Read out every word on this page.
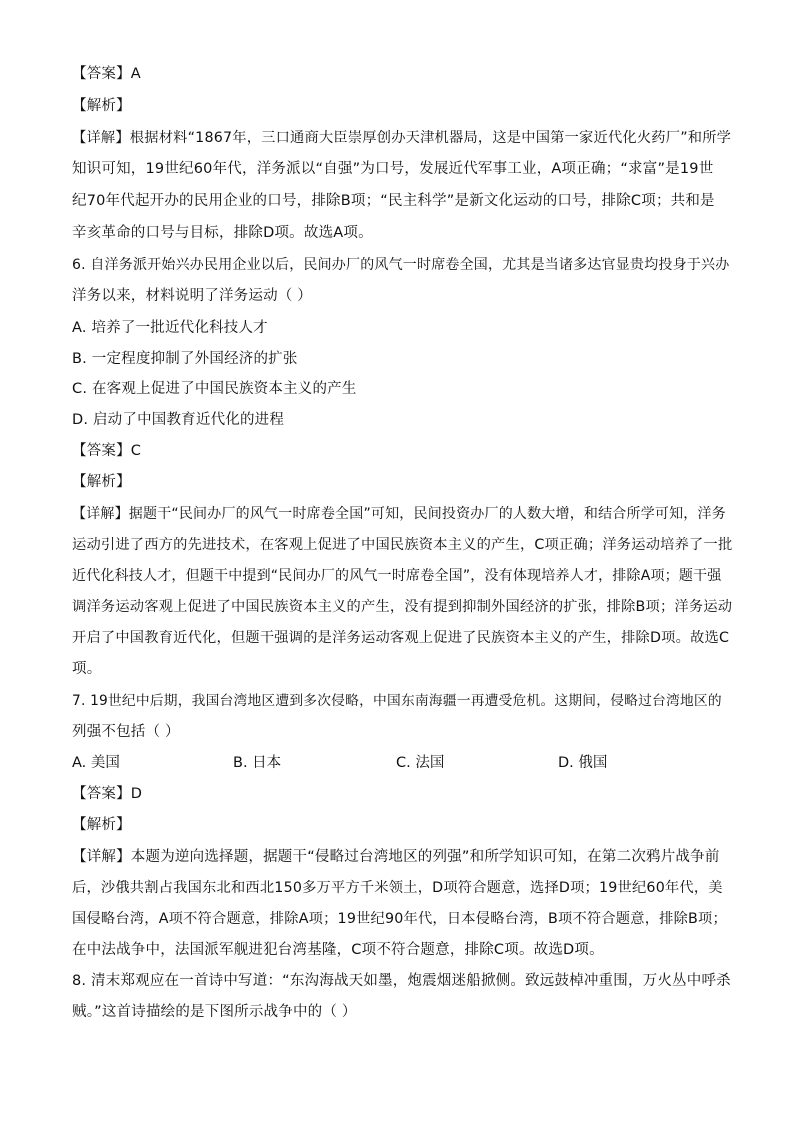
【答案】A
【解析】
【详解】根据材料“1867年，三口通商大臣崇厚创办天津机器局，这是中国第一家近代化火药厂”和所学
知识可知，19世纪60年代，洋务派以“自强”为口号，发展近代军事工业，A项正确；“求富”是19世
纪70年代起开办的民用企业的口号，排除B项；“民主科学”是新文化运动的口号，排除C项；共和是
辛亥革命的口号与目标，排除D项。故选A项。
6. 自洋务派开始兴办民用企业以后，民间办厂的风气一时席卷全国，尤其是当诸多达官显贵均投身于兴办
洋务以来，材料说明了洋务运动（ ）
A. 培养了一批近代化科技人才
B. 一定程度抑制了外国经济的扩张
C. 在客观上促进了中国民族资本主义的产生
D. 启动了中国教育近代化的进程
【答案】C
【解析】
【详解】据题干“民间办厂的风气一时席卷全国”可知，民间投资办厂的人数大增，和结合所学可知，洋务
运动引进了西方的先进技术，在客观上促进了中国民族资本主义的产生，C项正确；洋务运动培养了一批
近代化科技人才，但题干中提到“民间办厂的风气一时席卷全国”，没有体现培养人才，排除A项；题干强
调洋务运动客观上促进了中国民族资本主义的产生，没有提到抑制外国经济的扩张，排除B项；洋务运动
开启了中国教育近代化，但题干强调的是洋务运动客观上促进了民族资本主义的产生，排除D项。故选C
项。
7. 19世纪中后期，我国台湾地区遭到多次侵略，中国东南海疆一再遭受危机。这期间，侵略过台湾地区的
列强不包括（ ）
A. 美国	B. 日本	C. 法国	D. 俄国
【答案】D
【解析】
【详解】本题为逆向选择题，据题干“侵略过台湾地区的列强”和所学知识可知，在第二次鸦片战争前
后，沙俄共割占我国东北和西北150多万平方千米领土，D项符合题意，选择D项；19世纪60年代，美
国侵略台湾，A项不符合题意，排除A项；19世纪90年代，日本侵略台湾，B项不符合题意，排除B项；
在中法战争中，法国派军舰进犯台湾基隆，C项不符合题意，排除C项。故选D项。
8. 清末郑观应在一首诗中写道：“东沟海战天如墨，炮震烟迷船掀侧。致远鼓棹冲重围，万火丛中呼杀
贼。”这首诗描绘的是下图所示战争中的（ ）
